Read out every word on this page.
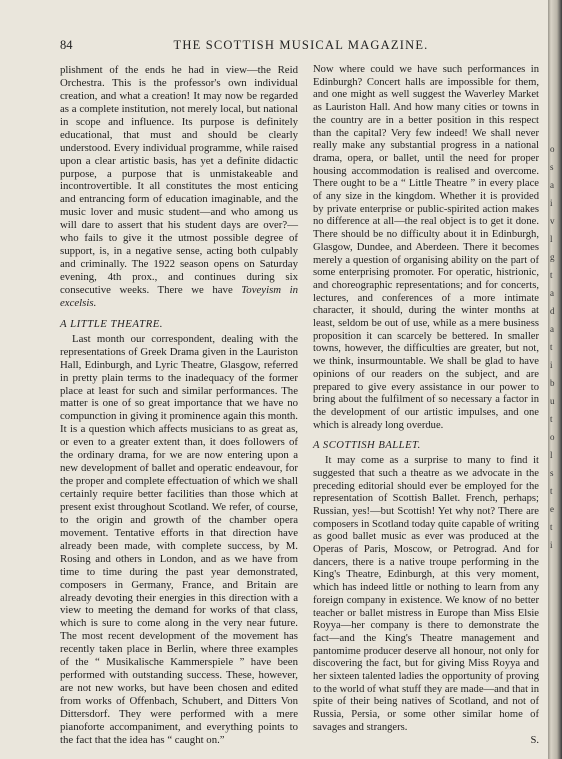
84	THE SCOTTISH MUSICAL MAGAZINE.

plishment of the ends he had in view—the Reid Orchestra. This is the professor's own individual creation, and what a creation! It may now be regarded as a complete institution, not merely local, but national in scope and influence. Its purpose is definitely educational, that must and should be clearly understood. Every individual programme, while raised upon a clear artistic basis, has yet a definite didactic purpose, a purpose that is unmistakeable and incontrovertible. It all constitutes the most enticing and entrancing form of education imaginable, and the music lover and music student—and who among us will dare to assert that his student days are over?—who fails to give it the utmost possible degree of support, is, in a negative sense, acting both culpably and criminally. The 1922 season opens on Saturday evening, 4th prox., and continues during six consecutive weeks. There we have Toveyism in excelsis.

A LITTLE THEATRE.

Last month our correspondent, dealing with the representations of Greek Drama given in the Lauriston Hall, Edinburgh, and Lyric Theatre, Glasgow, referred in pretty plain terms to the inadequacy of the former place at least for such and similar performances. The matter is one of so great importance that we have no compunction in giving it prominence again this month. It is a question which affects musicians to as great as, or even to a greater extent than, it does followers of the ordinary drama, for we are now entering upon a new development of ballet and operatic endeavour, for the proper and complete effectuation of which we shall certainly require better facilities than those which at present exist throughout Scotland. We refer, of course, to the origin and growth of the chamber opera movement. Tentative efforts in that direction have already been made, with complete success, by M. Rosing and others in London, and as we have from time to time during the past year demonstrated, composers in Germany, France, and Britain are already devoting their energies in this direction with a view to meeting the demand for works of that class, which is sure to come along in the very near future. The most recent development of the movement has recently taken place in Berlin, where three examples of the “ Musikalische Kammerspiele ” have been performed with outstanding success. These, however, are not new works, but have been chosen and edited from works of Offenbach, Schubert, and Ditters Von Dittersdorf. They were performed with a mere pianoforte accompaniment, and everything points to the fact that the idea has “ caught on.”

Now where could we have such performances in Edinburgh? Concert halls are impossible for them, and one might as well suggest the Waverley Market as Lauriston Hall. And how many cities or towns in the country are in a better position in this respect than the capital? Very few indeed! We shall never really make any substantial progress in a national drama, opera, or ballet, until the need for proper housing accommodation is realised and overcome. There ought to be a “ Little Theatre ” in every place of any size in the kingdom. Whether it is provided by private enterprise or public-spirited action makes no difference at all—the real object is to get it done. There should be no difficulty about it in Edinburgh, Glasgow, Dundee, and Aberdeen. There it becomes merely a question of organising ability on the part of some enterprising promoter. For operatic, histrionic, and choreographic representations; and for concerts, lectures, and conferences of a more intimate character, it should, during the winter months at least, seldom be out of use, while as a mere business proposition it can scarcely be bettered. In smaller towns, however, the difficulties are greater, but not, we think, insurmountable. We shall be glad to have opinions of our readers on the subject, and are prepared to give every assistance in our power to bring about the fulfilment of so necessary a factor in the development of our artistic impulses, and one which is already long overdue.

A SCOTTISH BALLET.

It may come as a surprise to many to find it suggested that such a theatre as we advocate in the preceding editorial should ever be employed for the representation of Scottish Ballet. French, perhaps; Russian, yes!—but Scottish! Yet why not? There are composers in Scotland today quite capable of writing as good ballet music as ever was produced at the Operas of Paris, Moscow, or Petrograd. And for dancers, there is a native troupe performing in the King's Theatre, Edinburgh, at this very moment, which has indeed little or nothing to learn from any foreign company in existence. We know of no better teacher or ballet mistress in Europe than Miss Elsie Royya—her company is there to demonstrate the fact—and the King's Theatre management and pantomime producer deserve all honour, not only for discovering the fact, but for giving Miss Royya and her sixteen talented ladies the opportunity of proving to the world of what stuff they are made—and that in spite of their being natives of Scotland, and not of Russia, Persia, or some other similar home of savages and strangers.
S.

o
s
a
i
v
l
g
t
a
d
a
t
i
b
u
t
o
l
s
t
e
t
i
